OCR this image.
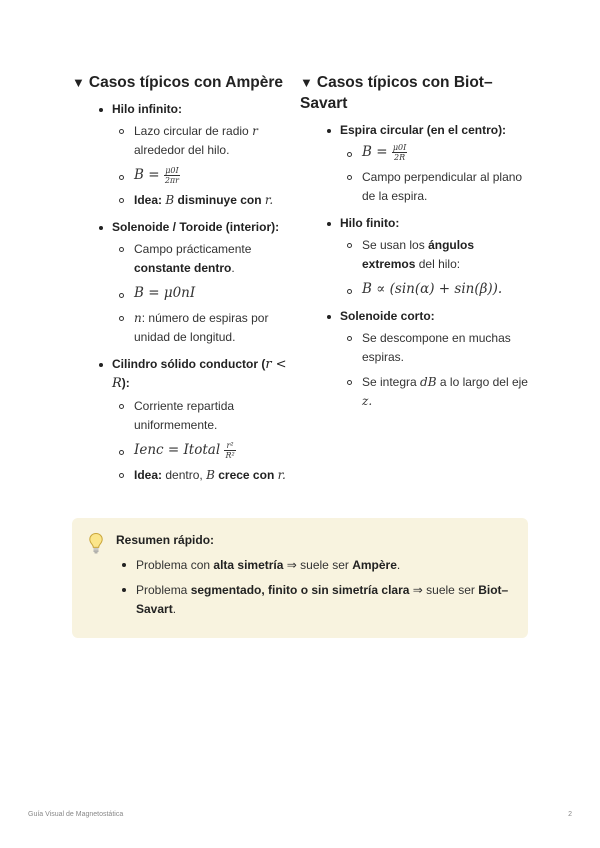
▼ Casos típicos con Ampère
Hilo infinito:
Lazo circular de radio r alrededor del hilo.
$B = \frac{\mu 0I}{2\pi r}$
Idea: B disminuye con r.
Solenoide / Toroide (interior):
Campo prácticamente constante dentro.
B = μ0nI
n: número de espiras por unidad de longitud.
Cilindro sólido conductor (r < R):
Corriente repartida uniformemente.
Ienc = Itotal $\frac{\text{r²}}{\text{R²}}$
Idea: dentro, B crece con r.
▼ Casos típicos con Biot–Savart
Espira circular (en el centro):
$B = \frac{\mu 0I}{2R}$
Campo perpendicular al plano de la espira.
Hilo finito:
Se usan los ángulos extremos del hilo:
B ∝ (sin(α) + sin(β)).
Solenoide corto:
Se descompone en muchas espiras.
Se integra dB a lo largo del eje z.
Resumen rápido:
Problema con alta simetría ⇒ suele ser Ampère.
Problema segmentado, finito o sin simetría clara ⇒ suele ser Biot–Savart.
Guía Visual de Magnetostática	2
